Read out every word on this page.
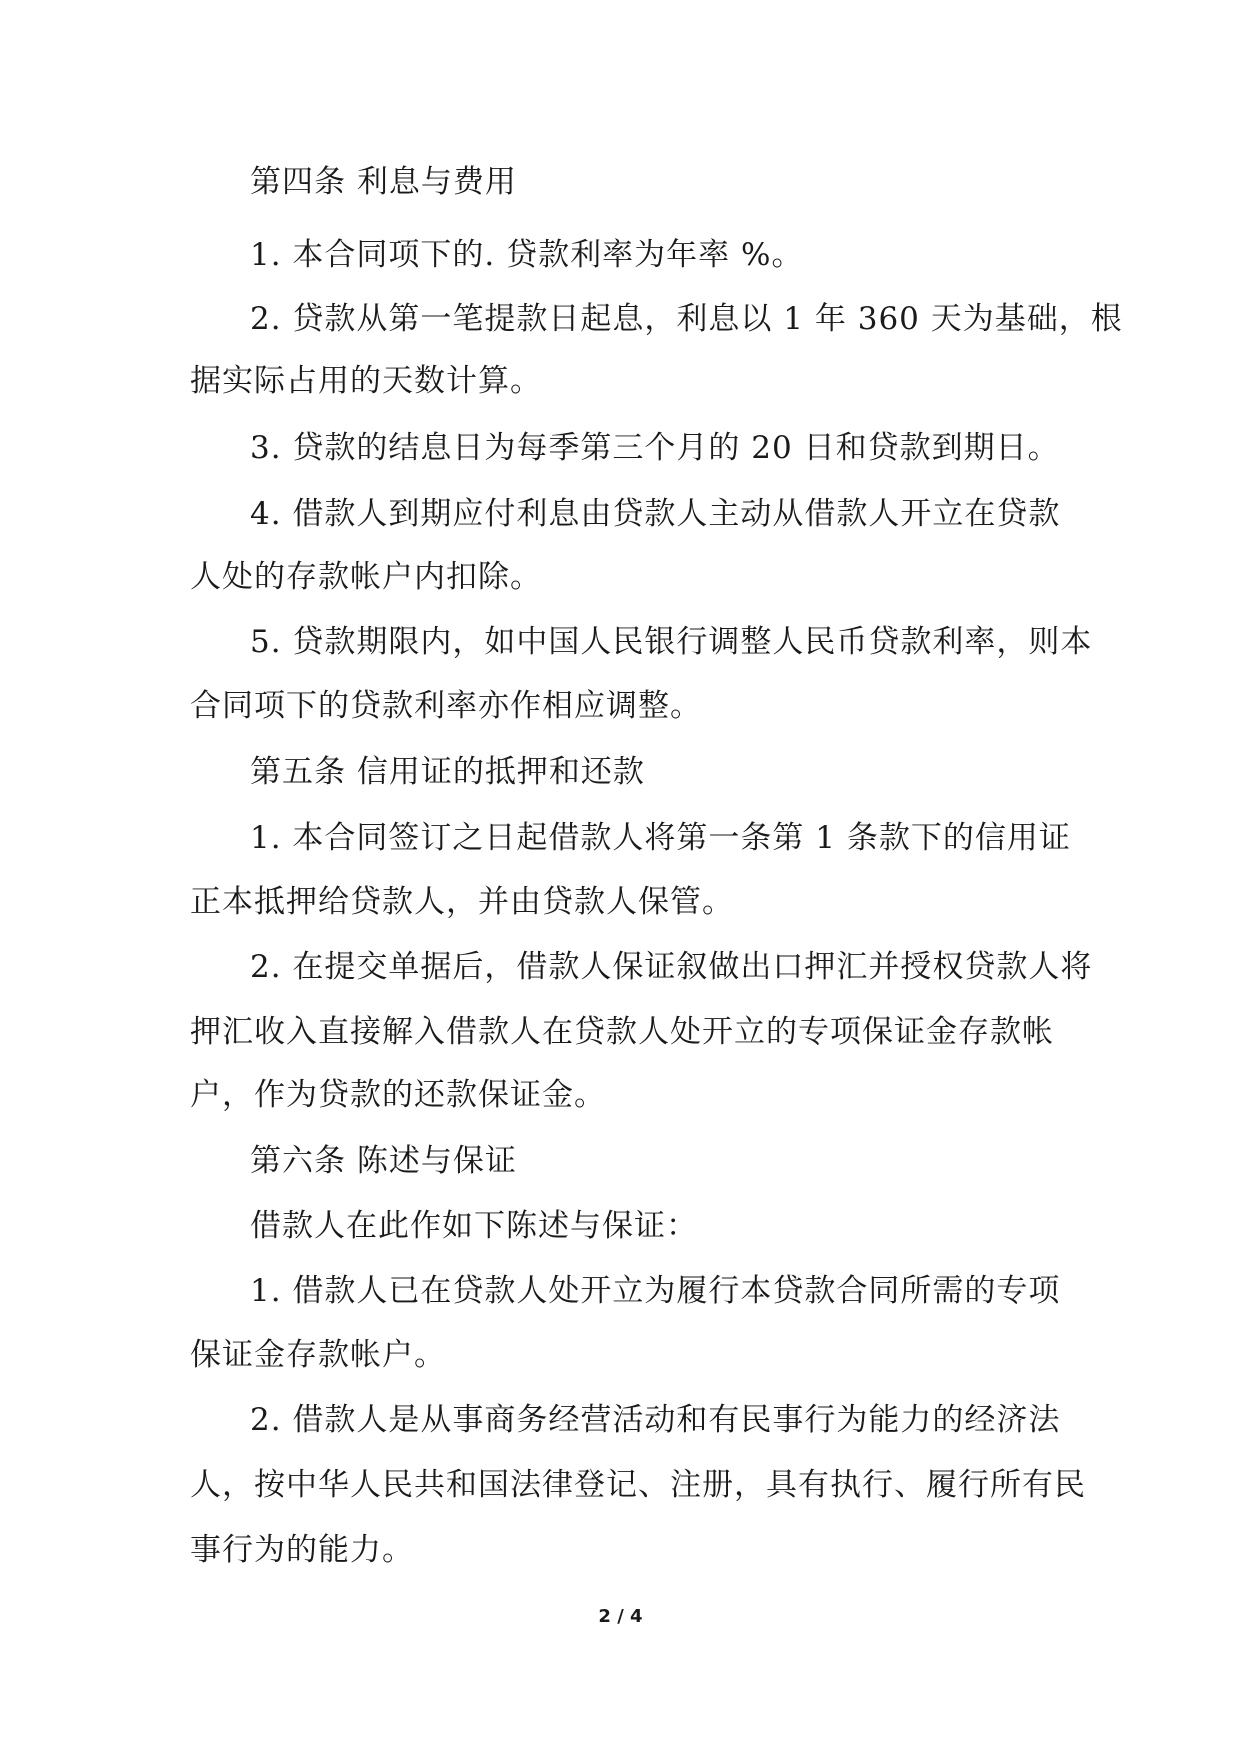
第四条 利息与费用
1. 本合同项下的. 贷款利率为年率 %。
2. 贷款从第一笔提款日起息，利息以 1 年 360 天为基础，根
据实际占用的天数计算。
3. 贷款的结息日为每季第三个月的 20 日和贷款到期日。
4. 借款人到期应付利息由贷款人主动从借款人开立在贷款
人处的存款帐户内扣除。
5. 贷款期限内，如中国人民银行调整人民币贷款利率，则本
合同项下的贷款利率亦作相应调整。
第五条 信用证的抵押和还款
1. 本合同签订之日起借款人将第一条第 1 条款下的信用证
正本抵押给贷款人，并由贷款人保管。
2. 在提交单据后，借款人保证叙做出口押汇并授权贷款人将
押汇收入直接解入借款人在贷款人处开立的专项保证金存款帐
户，作为贷款的还款保证金。
第六条 陈述与保证
借款人在此作如下陈述与保证：
1. 借款人已在贷款人处开立为履行本贷款合同所需的专项
保证金存款帐户。
2. 借款人是从事商务经营活动和有民事行为能力的经济法
人，按中华人民共和国法律登记、注册，具有执行、履行所有民
事行为的能力。
2 / 4
